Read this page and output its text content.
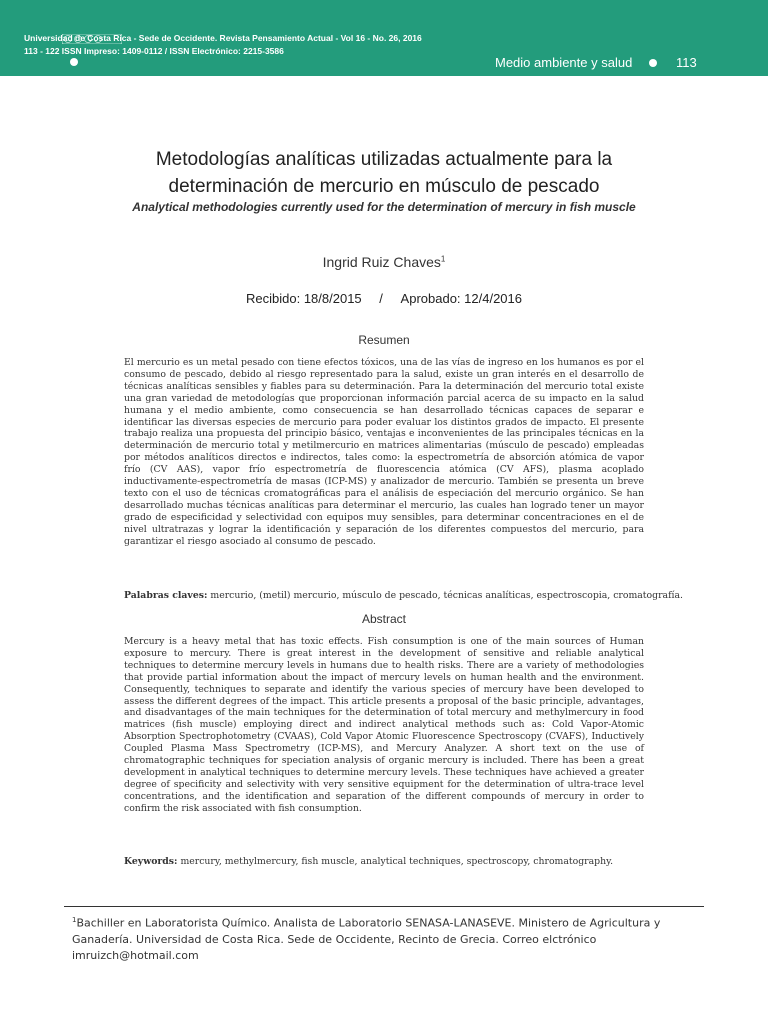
Universidad de Costa Rica - Sede de Occidente. Revista Pensamiento Actual - Vol 16 - No. 26, 2016
113 - 122 ISSN Impreso: 1409-0112 / ISSN Electrónico: 2215-3586
Medio ambiente y salud	113
Metodologías analíticas utilizadas actualmente para la
determinación de mercurio en músculo de pescado
Analytical methodologies currently used for the determination of mercury in fish muscle
Ingrid Ruiz Chaves$^1$
Recibido: 18/8/2015 / Aprobado: 12/4/2016
Resumen

El mercurio es un metal pesado con tiene efectos tóxicos, una de las vías de ingreso en los humanos es por el consumo de pescado, debido al riesgo representado para la salud, existe un gran interés en el desarrollo de técnicas analíticas sensibles y fiables para su determinación. Para la determinación del mercurio total existe una gran variedad de metodologías que proporcionan información parcial acerca de su impacto en la salud humana y el medio ambiente, como consecuencia se han desarrollado técnicas capaces de separar e identificar las diversas especies de mercurio para poder evaluar los distintos grados de impacto. El presente trabajo realiza una propuesta del principio básico, ventajas e inconvenientes de las principales técnicas en la determinación de mercurio total y metilmercurio en matrices alimentarias (músculo de pescado) empleadas por métodos analíticos directos e indirectos, tales como: la espectrometría de absorción atómica de vapor frío (CV AAS), vapor frío espectrometría de fluorescencia atómica (CV AFS), plasma acoplado inductivamente-espectrometría de masas (ICP-MS) y analizador de mercurio. También se presenta un breve texto con el uso de técnicas cromatográficas para el análisis de especiación del mercurio orgánico. Se han desarrollado muchas técnicas analíticas para determinar el mercurio, las cuales han logrado tener un mayor grado de especificidad y selectividad con equipos muy sensibles, para determinar concentraciones en el de nivel ultratrazas y lograr la identificación y separación de los diferentes compuestos del mercurio, para garantizar el riesgo asociado al consumo de pescado.

Palabras claves: mercurio, (metil) mercurio, músculo de pescado, técnicas analíticas, espectroscopia, cromatografía.
Abstract

Mercury is a heavy metal that has toxic effects. Fish consumption is one of the main sources of Human exposure to mercury. There is great interest in the development of sensitive and reliable analytical techniques to determine mercury levels in humans due to health risks. There are a variety of methodologies that provide partial information about the impact of mercury levels on human health and the environment. Consequently, techniques to separate and identify the various species of mercury have been developed to assess the different degrees of the impact. This article presents a proposal of the basic principle, advantages, and disadvantages of the main techniques for the determination of total mercury and methylmercury in food matrices (fish muscle) employing direct and indirect analytical methods such as: Cold Vapor-Atomic Absorption Spectrophotometry (CVAAS), Cold Vapor Atomic Fluorescence Spectroscopy (CVAFS), Inductively Coupled Plasma Mass Spectrometry (ICP-MS), and Mercury Analyzer. A short text on the use of chromatographic techniques for speciation analysis of organic mercury is included. There has been a great development in analytical techniques to determine mercury levels. These techniques have achieved a greater degree of specificity and selectivity with very sensitive equipment for the determination of ultra-trace level concentrations, and the identification and separation of the different compounds of mercury in order to confirm the risk associated with fish consumption.

Keywords: mercury, methylmercury, fish muscle, analytical techniques, spectroscopy, chromatography.
$^1$Bachiller en Laboratorista Químico. Analista de Laboratorio SENASA-LANASEVE. Ministero de Agricultura y Ganadería. Universidad de Costa Rica. Sede de Occidente, Recinto de Grecia. Correo elctrónico imruizch@hotmail.com
